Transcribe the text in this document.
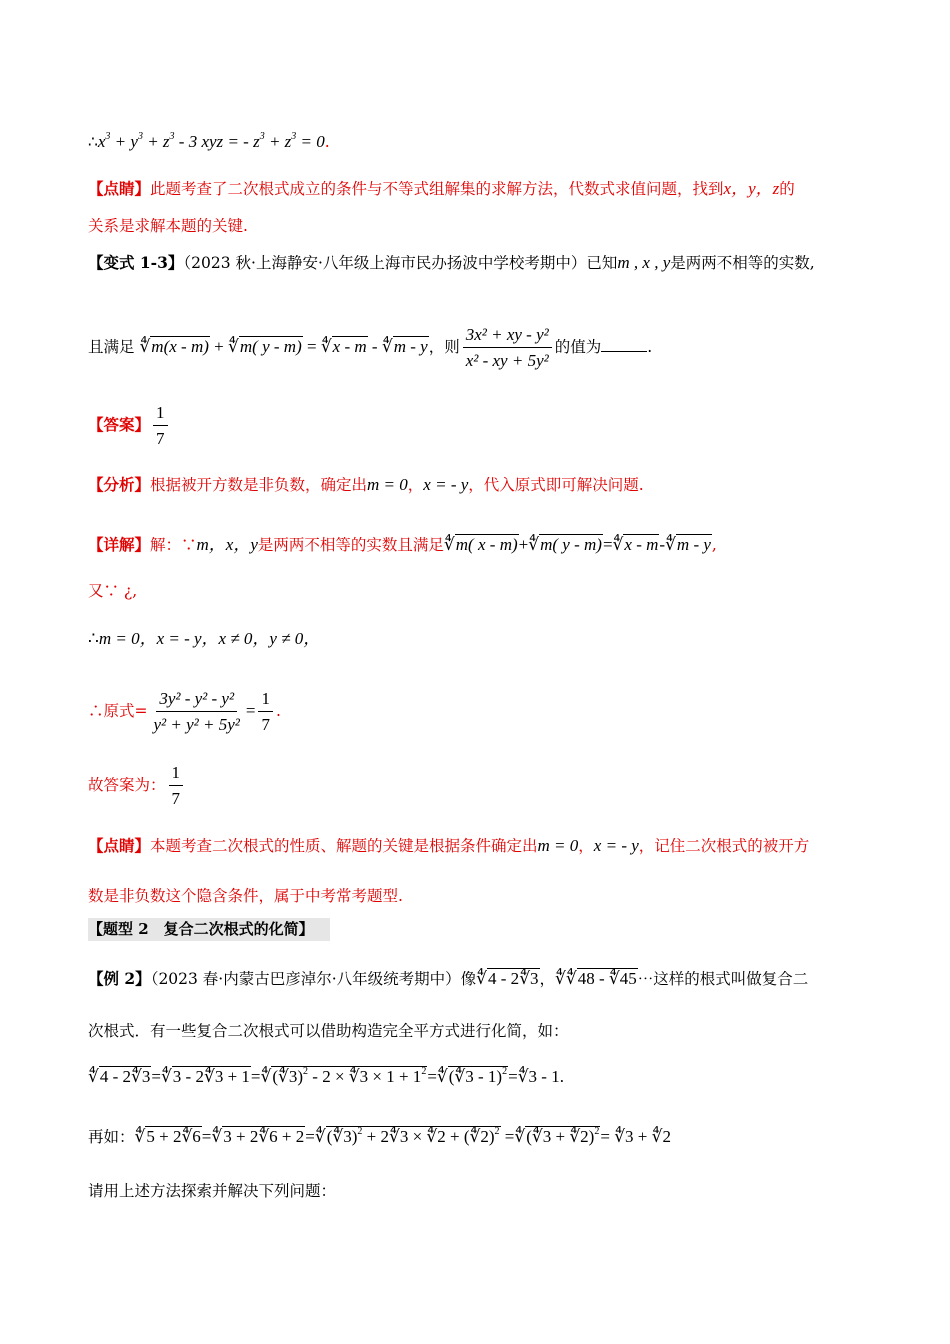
$\therefore x^3 + y^3 + z^3 - 3$ xyz = - $z^3 + z^3 = 0$.
【点睛】此题考查了二次根式成立的条件与不等式组解集的求解方法，代数式求值问题，找到x，y，z的
关系是求解本题的关键.
【变式 1-3】（2023 秋·上海静安·八年级上海市民办扬波中学校考期中）已知m , x , y是两两不相等的实数,
且满足 ∜m(x - m) + ∜m( y - m) = ∜x - m - ∜m - y，则 $\frac{\text{3x² + xy - y²}}{\text{x² - xy + 5y²}}$ 的值为	.
【答案】 $\frac{1}{7}$
【分析】根据被开方数是非负数，确定出m = 0，x = - y，代入原式即可解决问题.
【详解】解：∵m，x，y是两两不相等的实数且满足∜m( x - m)+∜m( y - m)=∜x - m-∜m - y,
又∵ ¿,
∴m = 0，x = - y，x ≠ 0，y ≠ 0，
∴原式= $\frac{\text{3y² - y² - y²}}{\text{y² + y² + 5y²}} = \frac{1}{7}$ .
故答案为： $\frac{1}{7}$
【点睛】本题考查二次根式的性质、解题的关键是根据条件确定出m = 0，x = - y，记住二次根式的被开方
数是非负数这个隐含条件，属于中考常考题型.
【题型 2　复合二次根式的化简】
【例 2】（2023 春·内蒙古巴彦淖尔·八年级统考期中）像∜4 - 2∜3，∜∜48 - ∜45⋯这样的根式叫做复合二
次根式．有一些复合二次根式可以借助构造完全平方式进行化简，如：
∜4 - 2∜3=∜3 - 2∜3 + 1=∜(∜3)$^2$ - 2 × ∜3 × $1 + 1^2=∜(∜3$ - 1)$^2$=∜3 - 1.
再如：∜5 + 2∜6=∜3 + 2∜6 + 2=∜(∜3)$^2$ + 2∜3 × ∜2 + (∜2)$^2$ =∜(∜3 + ∜2)$^2$= ∜3 + ∜2
请用上述方法探索并解决下列问题：
